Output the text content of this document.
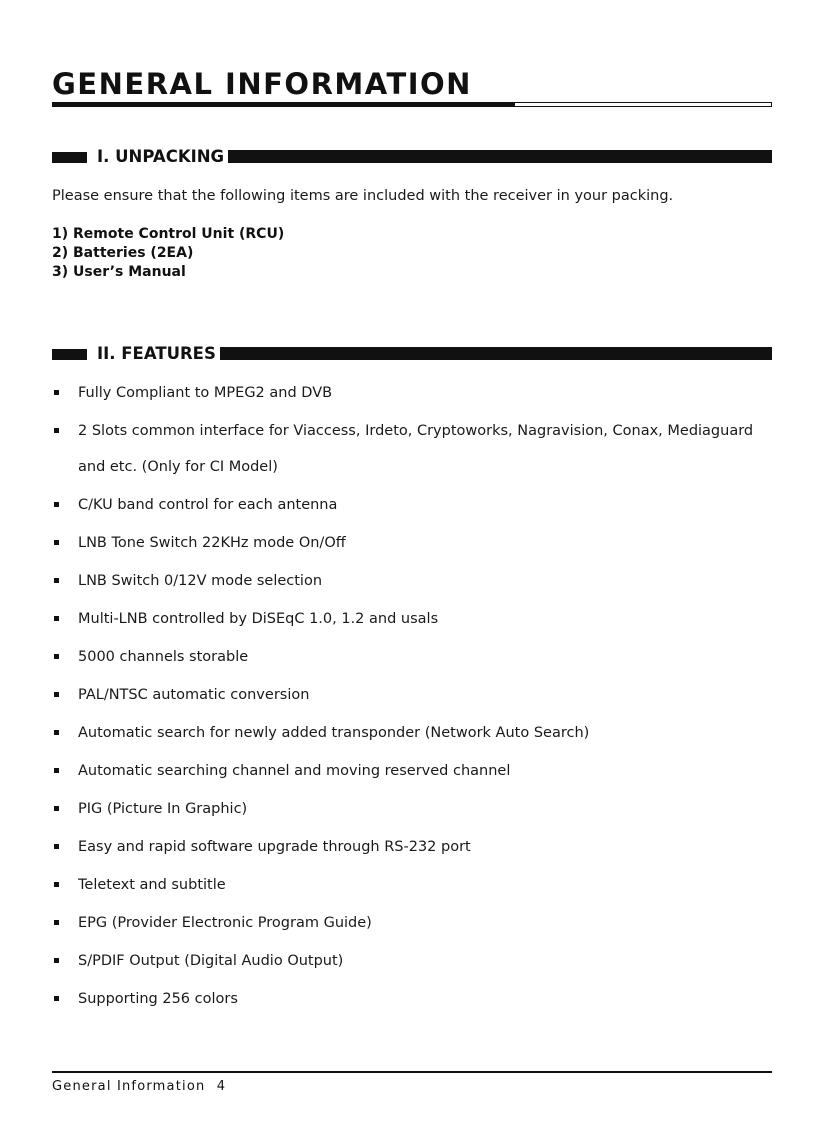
GENERAL INFORMATION
I. UNPACKING
Please ensure that the following items are included with the receiver in your packing.
1) Remote Control Unit (RCU)
2) Batteries (2EA)
3) User’s Manual
II. FEATURES
Fully Compliant to MPEG2 and DVB
2 Slots common interface for Viaccess, Irdeto, Cryptoworks, Nagravision, Conax, Mediaguard
and etc. (Only for CI Model)
C/KU band control for each antenna
LNB Tone Switch 22KHz mode On/Off
LNB Switch 0/12V mode selection
Multi-LNB controlled by DiSEqC 1.0, 1.2 and usals
5000 channels storable
PAL/NTSC automatic conversion
Automatic search for newly added transponder (Network Auto Search)
Automatic searching channel and moving reserved channel
PIG (Picture In Graphic)
Easy and rapid software upgrade through RS-232 port
Teletext and subtitle
EPG (Provider Electronic Program Guide)
S/PDIF Output (Digital Audio Output)
Supporting 256 colors
General Information 4
